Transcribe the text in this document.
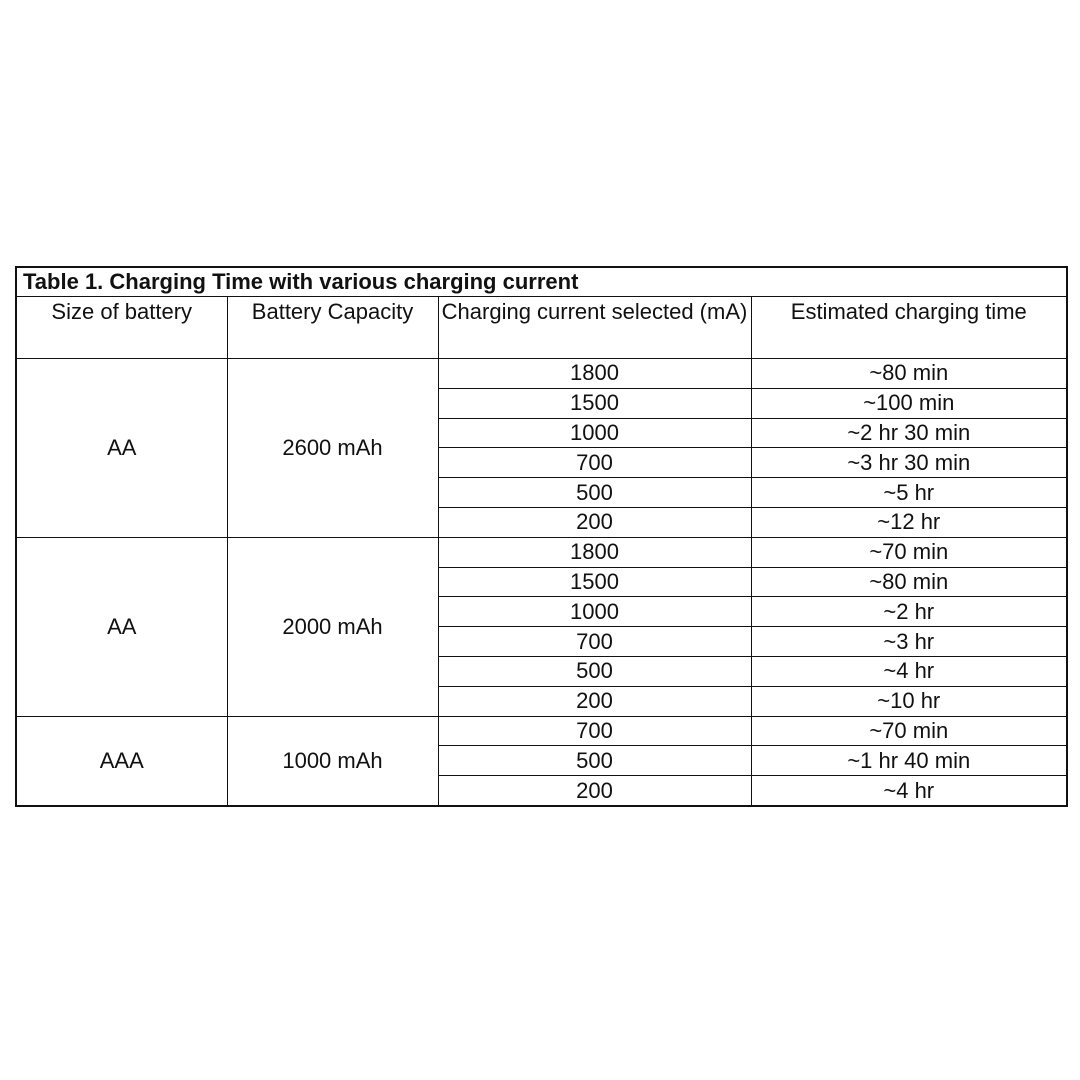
Table 1. Charging Time with various charging current			
Size of battery	Battery Capacity	Charging current selected (mA)	Estimated charging time
AA	2600 mAh	1800	~80 min
		1500	~100 min
		1000	~2 hr 30 min
		700	~3 hr 30 min
		500	~5 hr
		200	~12 hr
AA	2000 mAh	1800	~70 min
		1500	~80 min
		1000	~2 hr
		700	~3 hr
		500	~4 hr
		200	~10 hr
AAA	1000 mAh	700	~70 min
		500	~1 hr 40 min
		200	~4 hr
